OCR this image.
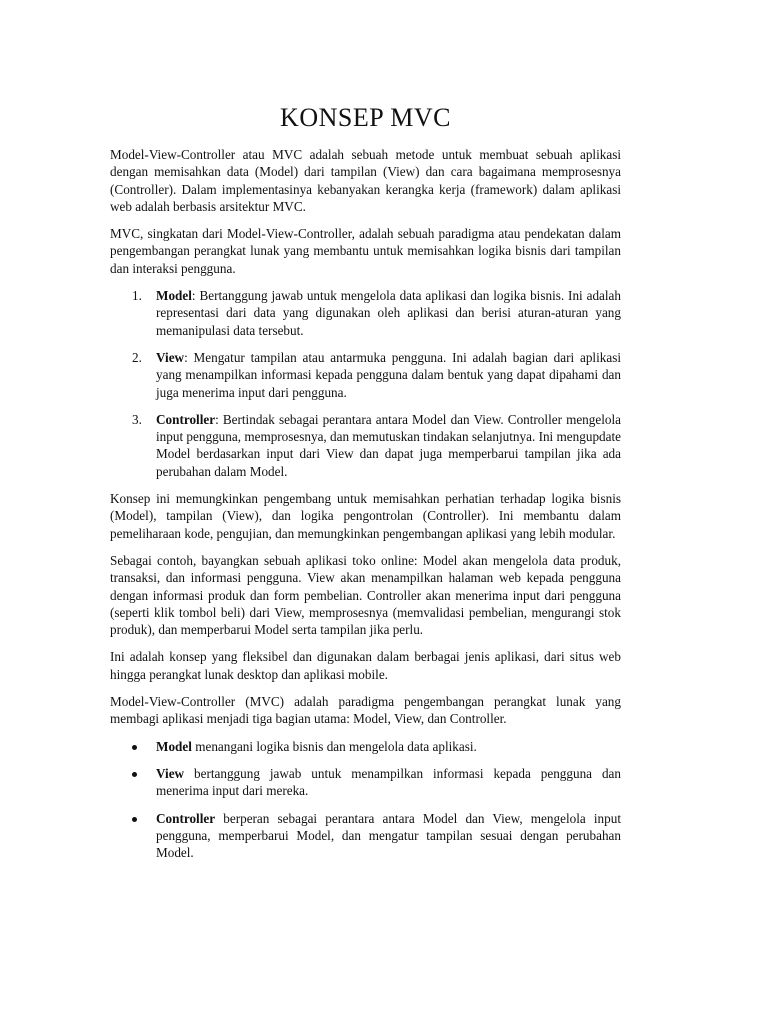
KONSEP MVC

Model-View-Controller atau MVC adalah sebuah metode untuk membuat sebuah aplikasi dengan memisahkan data (Model) dari tampilan (View) dan cara bagaimana memprosesnya (Controller). Dalam implementasinya kebanyakan kerangka kerja (framework) dalam aplikasi web adalah berbasis arsitektur MVC.

MVC, singkatan dari Model-View-Controller, adalah sebuah paradigma atau pendekatan dalam pengembangan perangkat lunak yang membantu untuk memisahkan logika bisnis dari tampilan dan interaksi pengguna.

1. Model: Bertanggung jawab untuk mengelola data aplikasi dan logika bisnis. Ini adalah representasi dari data yang digunakan oleh aplikasi dan berisi aturan-aturan yang memanipulasi data tersebut.
2. View: Mengatur tampilan atau antarmuka pengguna. Ini adalah bagian dari aplikasi yang menampilkan informasi kepada pengguna dalam bentuk yang dapat dipahami dan juga menerima input dari pengguna.
3. Controller: Bertindak sebagai perantara antara Model dan View. Controller mengelola input pengguna, memprosesnya, dan memutuskan tindakan selanjutnya. Ini mengupdate Model berdasarkan input dari View dan dapat juga memperbarui tampilan jika ada perubahan dalam Model.

Konsep ini memungkinkan pengembang untuk memisahkan perhatian terhadap logika bisnis (Model), tampilan (View), dan logika pengontrolan (Controller). Ini membantu dalam pemeliharaan kode, pengujian, dan memungkinkan pengembangan aplikasi yang lebih modular.

Sebagai contoh, bayangkan sebuah aplikasi toko online: Model akan mengelola data produk, transaksi, dan informasi pengguna. View akan menampilkan halaman web kepada pengguna dengan informasi produk dan form pembelian. Controller akan menerima input dari pengguna (seperti klik tombol beli) dari View, memprosesnya (memvalidasi pembelian, mengurangi stok produk), dan memperbarui Model serta tampilan jika perlu.

Ini adalah konsep yang fleksibel dan digunakan dalam berbagai jenis aplikasi, dari situs web hingga perangkat lunak desktop dan aplikasi mobile.

Model-View-Controller (MVC) adalah paradigma pengembangan perangkat lunak yang membagi aplikasi menjadi tiga bagian utama: Model, View, dan Controller.

Model menangani logika bisnis dan mengelola data aplikasi.
View bertanggung jawab untuk menampilkan informasi kepada pengguna dan menerima input dari mereka.
Controller berperan sebagai perantara antara Model dan View, mengelola input pengguna, memperbarui Model, dan mengatur tampilan sesuai dengan perubahan Model.
